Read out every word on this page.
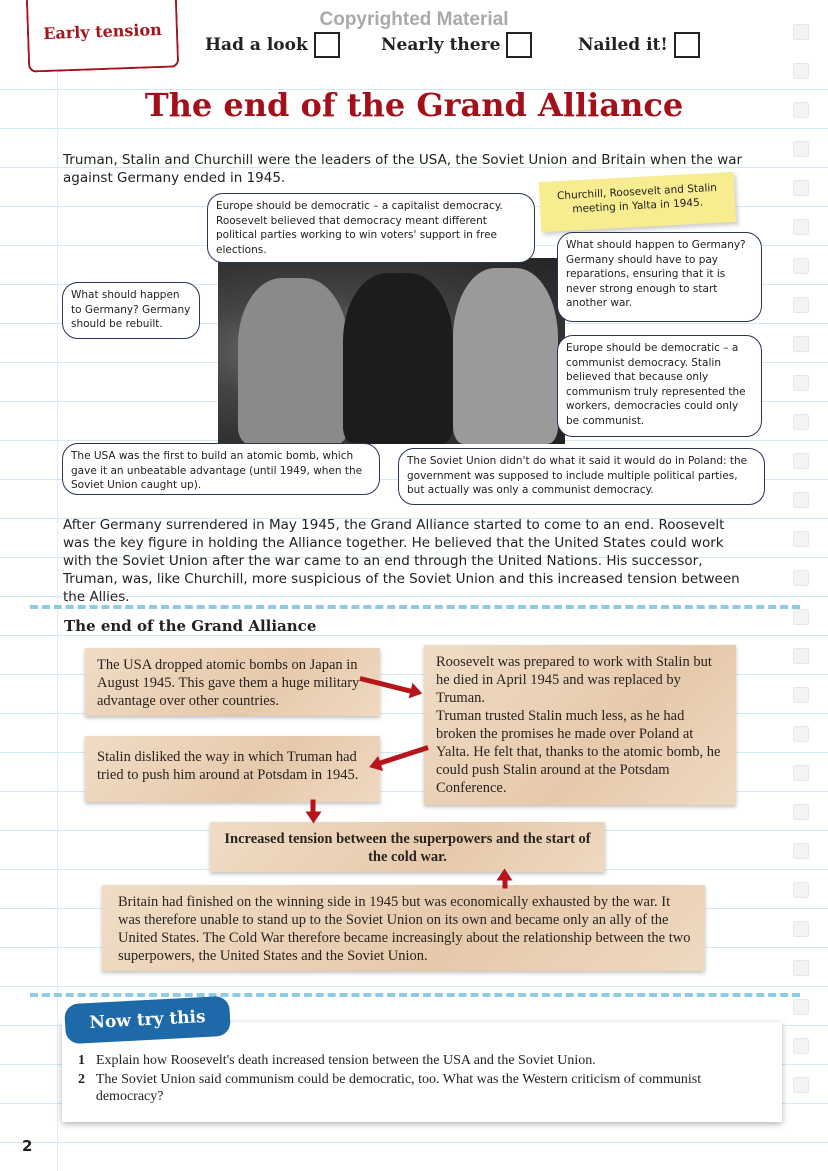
Early tension	Copyrighted Material
Had a look	Nearly there	Nailed it!
The end of the Grand Alliance
Truman, Stalin and Churchill were the leaders of the USA, the Soviet Union and Britain when the war against Germany ended in 1945.
Churchill, Roosevelt and Stalin meeting in Yalta in 1945.
Europe should be democratic – a capitalist democracy. Roosevelt believed that democracy meant different political parties working to win voters' support in free elections.
What should happen to Germany? Germany should be rebuilt.
What should happen to Germany? Germany should have to pay reparations, ensuring that it is never strong enough to start another war.
Europe should be democratic – a communist democracy. Stalin believed that because only communism truly represented the workers, democracies could only be communist.
The USA was the first to build an atomic bomb, which gave it an unbeatable advantage (until 1949, when the Soviet Union caught up).
The Soviet Union didn't do what it said it would do in Poland: the government was supposed to include multiple political parties, but actually was only a communist democracy.
After Germany surrendered in May 1945, the Grand Alliance started to come to an end. Roosevelt was the key figure in holding the Alliance together. He believed that the United States could work with the Soviet Union after the war came to an end through the United Nations. His successor, Truman, was, like Churchill, more suspicious of the Soviet Union and this increased tension between the Allies.
The end of the Grand Alliance
The USA dropped atomic bombs on Japan in August 1945. This gave them a huge military advantage over other countries.
Roosevelt was prepared to work with Stalin but he died in April 1945 and was replaced by Truman.
Truman trusted Stalin much less, as he had broken the promises he made over Poland at Yalta. He felt that, thanks to the atomic bomb, he could push Stalin around at the Potsdam Conference.
Stalin disliked the way in which Truman had tried to push him around at Potsdam in 1945.
Increased tension between the superpowers and the start of the cold war.
Britain had finished on the winning side in 1945 but was economically exhausted by the war. It was therefore unable to stand up to the Soviet Union on its own and became only an ally of the United States. The Cold War therefore became increasingly about the relationship between the two superpowers, the United States and the Soviet Union.
Now try this
1 Explain how Roosevelt's death increased tension between the USA and the Soviet Union.
2 The Soviet Union said communism could be democratic, too. What was the Western criticism of communist democracy?
2
